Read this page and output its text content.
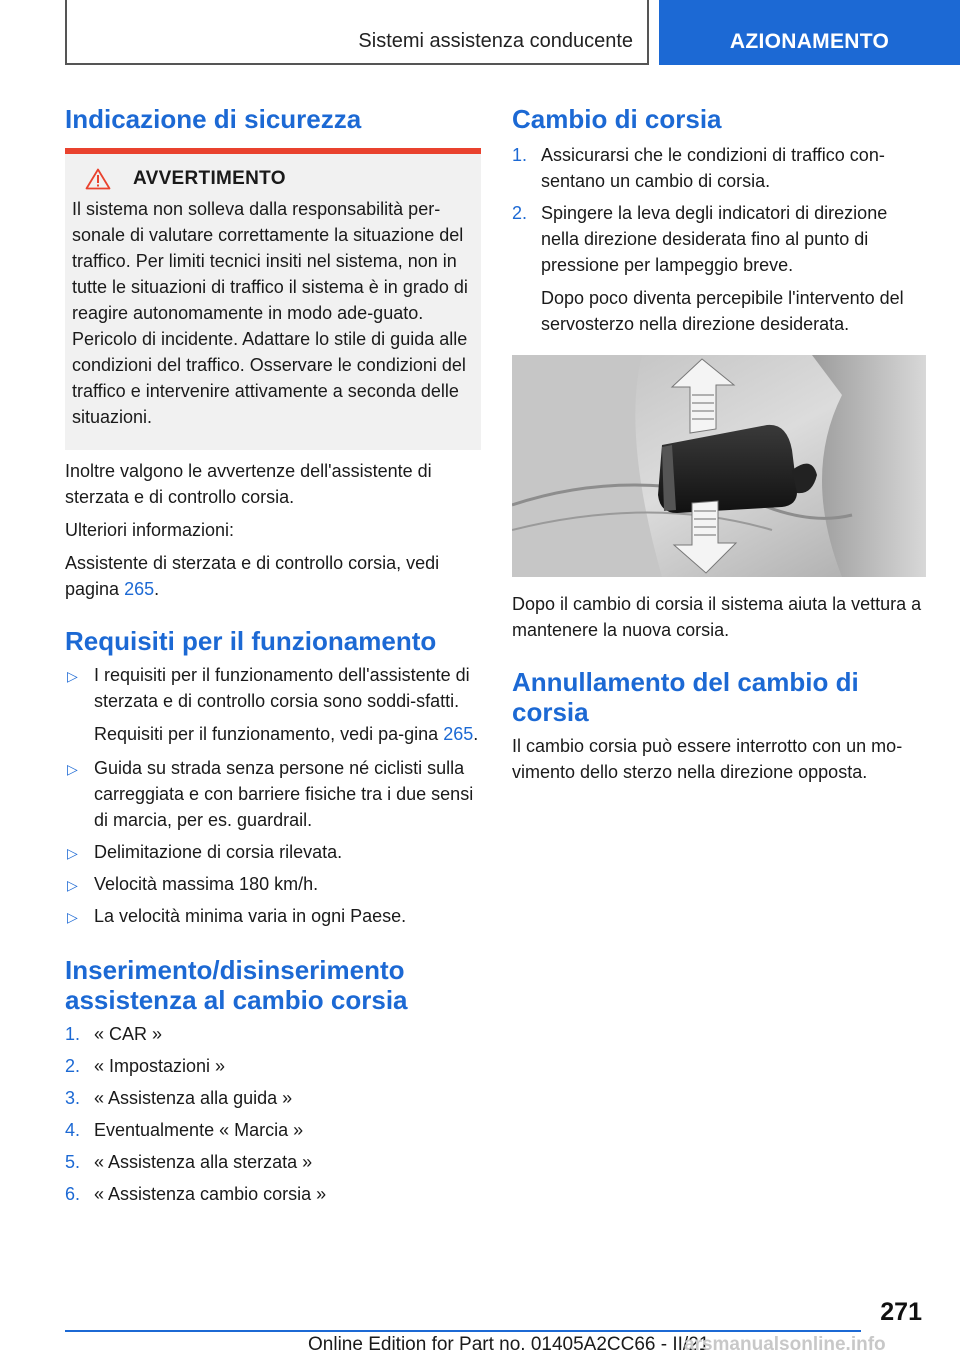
Sistemi assistenza conducente	AZIONAMENTO
Indicazione di sicurezza
AVVERTIMENTO

Il sistema non solleva dalla responsabilità per-sonale di valutare correttamente la situazione del traffico. Per limiti tecnici insiti nel sistema, non in tutte le situazioni di traffico il sistema è in grado di reagire autonomamente in modo ade-guato. Pericolo di incidente. Adattare lo stile di guida alle condizioni del traffico. Osservare le condizioni del traffico e intervenire attivamente a seconda delle situazioni.

Inoltre valgono le avvertenze dell'assistente di sterzata e di controllo corsia.

Ulteriori informazioni:

Assistente di sterzata e di controllo corsia, vedi pagina 265.

Requisiti per il funzionamento
▷ I requisiti per il funzionamento dell'assistente di sterzata e di controllo corsia sono soddi-sfatti.

Requisiti per il funzionamento, vedi pa-gina 265.

▷ Guida su strada senza persone né ciclisti sulla carreggiata e con barriere fisiche tra i due sensi di marcia, per es. guardrail.

▷ Delimitazione di corsia rilevata.

▷ Velocità massima 180 km/h.

▷ La velocità minima varia in ogni Paese.

Inserimento/disinserimento assistenza al cambio corsia
1. « CAR »

2. « Impostazioni »

3. « Assistenza alla guida »

4. Eventualmente « Marcia »

5. « Assistenza alla sterzata »

6. « Assistenza cambio corsia »

Cambio di corsia
1. Assicurarsi che le condizioni di traffico con-sentano un cambio di corsia.

2. Spingere la leva degli indicatori di direzione nella direzione desiderata fino al punto di pressione per lampeggio breve.

Dopo poco diventa percepibile l'intervento del servosterzo nella direzione desiderata.

Dopo il cambio di corsia il sistema aiuta la vettura a mantenere la nuova corsia.

Annullamento del cambio di corsia

Il cambio corsia può essere interrotto con un mo-vimento dello sterzo nella direzione opposta.

271
Online Edition for Part no. 01405A2CC66 - II/21
arsmanualsonline.info
